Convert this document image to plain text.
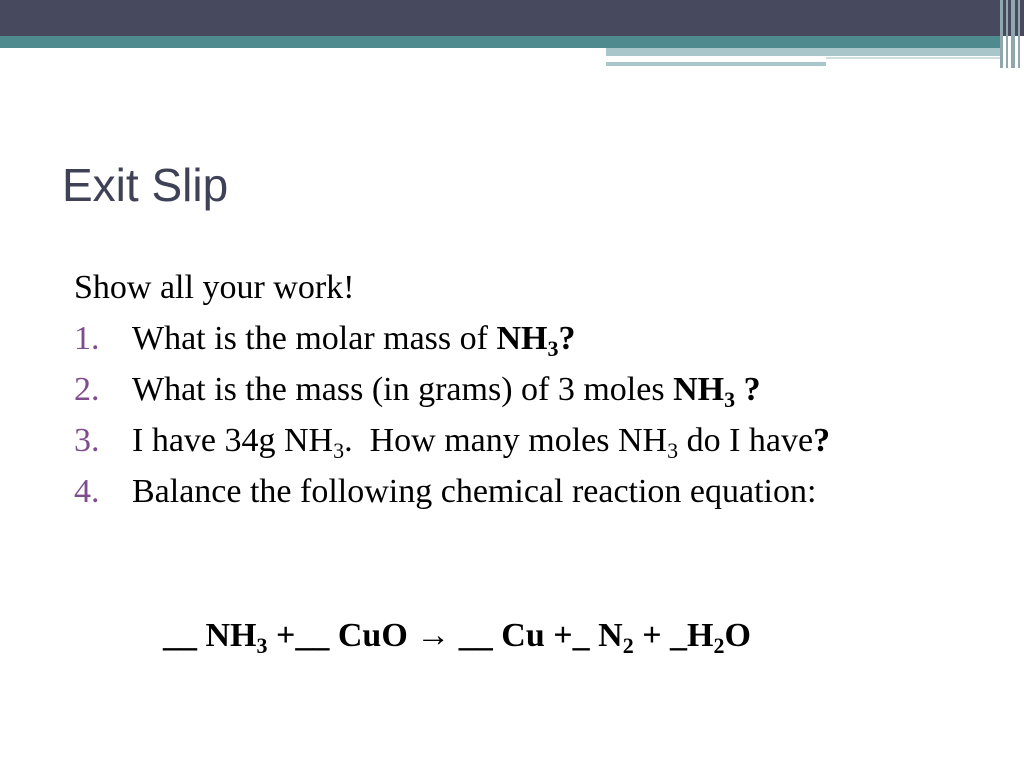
Exit Slip

Show all your work!

1. What is the molar mass of $NH_3$?
2. What is the mass (in grams) of 3 moles $NH_3$ ?
3. I have 34g $NH_3$.  How many moles $NH_3$ do I have?
4. Balance the following chemical reaction equation:
__ $NH_3$ +__ CuO → __ Cu +_ $N_2$ + $\_H_2O$
